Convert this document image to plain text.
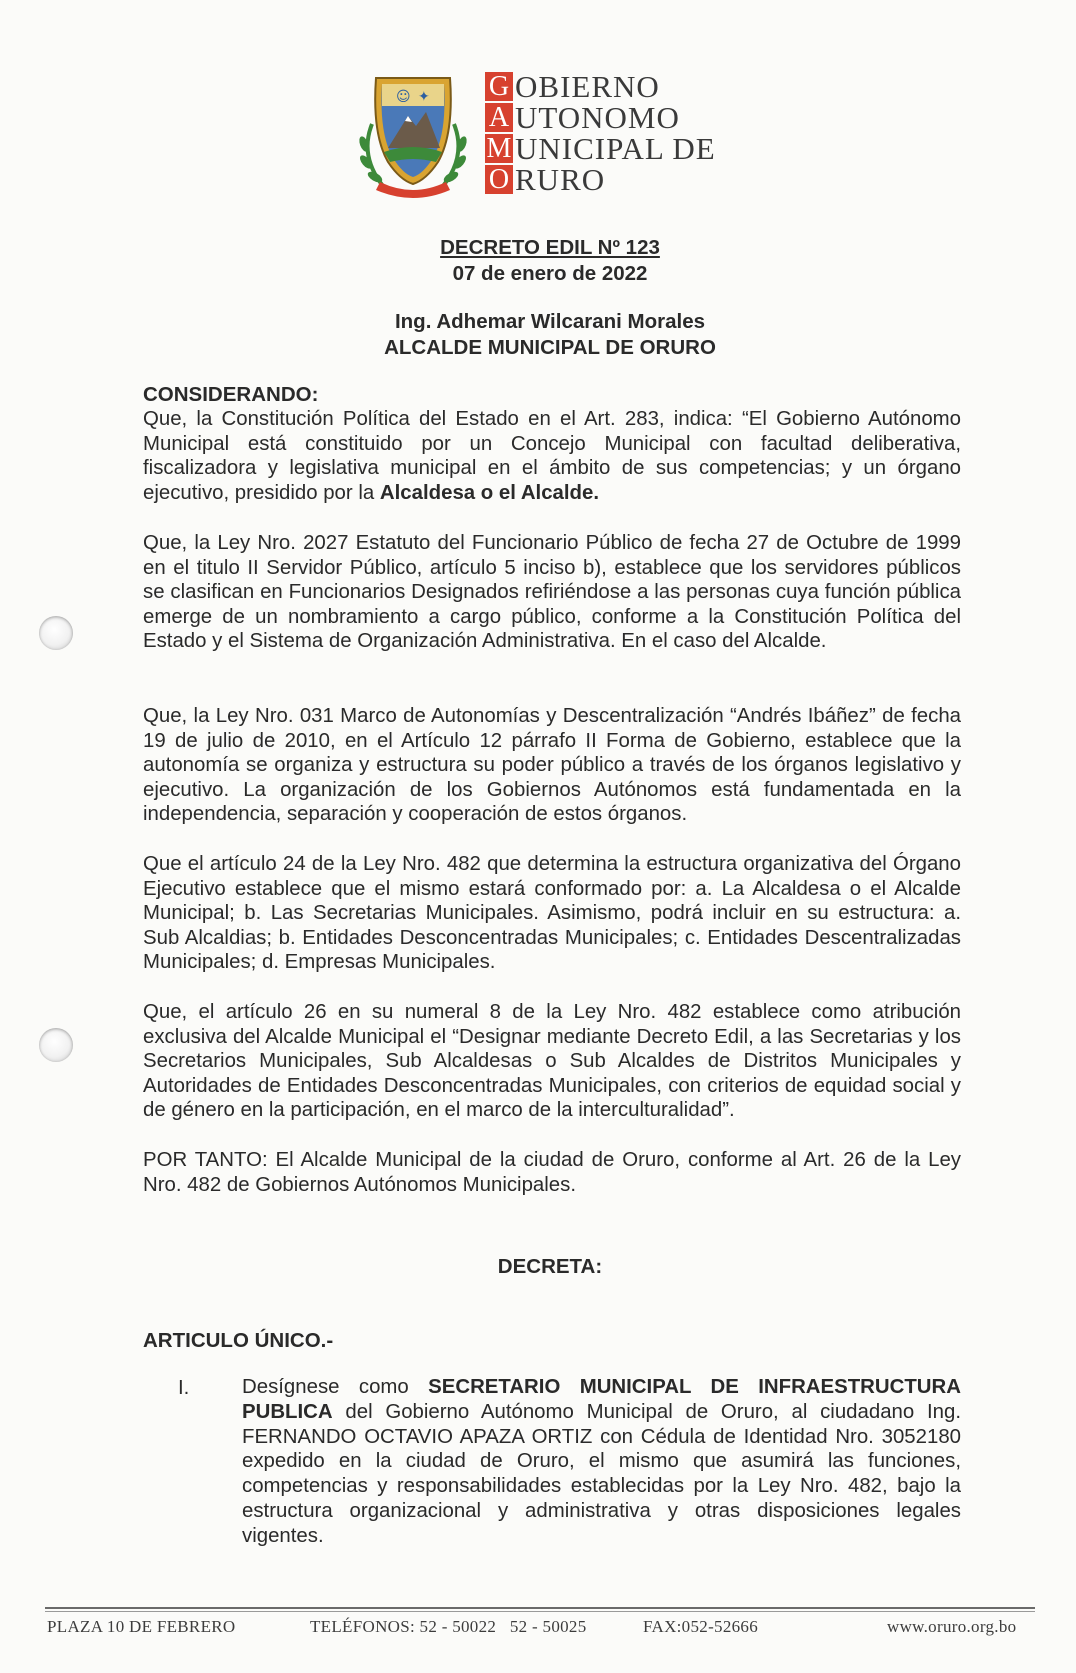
☺ ✦ G OBIERNO
A UTONOMO
M UNICIPAL DE
O RURO
DECRETO EDIL Nº 123
07 de enero de 2022
Ing. Adhemar Wilcarani Morales
ALCALDE MUNICIPAL DE ORURO
CONSIDERANDO:
Que, la Constitución Política del Estado en el Art. 283, indica: “El Gobierno Autónomo Municipal está constituido por un Concejo Municipal con facultad deliberativa, fiscalizadora y legislativa municipal en el ámbito de sus competencias; y un órgano ejecutivo, presidido por la Alcaldesa o el Alcalde.
Que, la Ley Nro. 2027 Estatuto del Funcionario Público de fecha 27 de Octubre de 1999 en el titulo II Servidor Público, artículo 5 inciso b), establece que los servidores públicos se clasifican en Funcionarios Designados refiriéndose a las personas cuya función pública emerge de un nombramiento a cargo público, conforme a la Constitución Política del Estado y el Sistema de Organización Administrativa. En el caso del Alcalde.
Que, la Ley Nro. 031 Marco de Autonomías y Descentralización “Andrés Ibáñez” de fecha 19 de julio de 2010, en el Artículo 12 párrafo II Forma de Gobierno, establece que la autonomía se organiza y estructura su poder público a través de los órganos legislativo y ejecutivo. La organización de los Gobiernos Autónomos está fundamentada en la independencia, separación y cooperación de estos órganos.
Que el artículo 24 de la Ley Nro. 482 que determina la estructura organizativa del Órgano Ejecutivo establece que el mismo estará conformado por: a. La Alcaldesa o el Alcalde Municipal; b. Las Secretarias Municipales. Asimismo, podrá incluir en su estructura: a. Sub Alcaldias; b. Entidades Desconcentradas Municipales; c. Entidades Descentralizadas Municipales; d. Empresas Municipales.
Que, el artículo 26 en su numeral 8 de la Ley Nro. 482 establece como atribución exclusiva del Alcalde Municipal el “Designar mediante Decreto Edil, a las Secretarias y los Secretarios Municipales, Sub Alcaldesas o Sub Alcaldes de Distritos Municipales y Autoridades de Entidades Desconcentradas Municipales, con criterios de equidad social y de género en la participación, en el marco de la interculturalidad”.
POR TANTO: El Alcalde Municipal de la ciudad de Oruro, conforme al Art. 26 de la Ley Nro. 482 de Gobiernos Autónomos Municipales.
DECRETA:
ARTICULO ÚNICO.-
I.	Desígnese como SECRETARIO MUNICIPAL DE INFRAESTRUCTURA PUBLICA del Gobierno Autónomo Municipal de Oruro, al ciudadano Ing. FERNANDO OCTAVIO APAZA ORTIZ con Cédula de Identidad Nro. 3052180 expedido en la ciudad de Oruro, el mismo que asumirá las funciones, competencias y responsabilidades establecidas por la Ley Nro. 482, bajo la estructura organizacional y administrativa y otras disposiciones legales vigentes.
PLAZA 10 DE FEBRERO	TELÉFONOS: 52 - 50022   52 - 50025	FAX:052-52666	www.oruro.org.bo
